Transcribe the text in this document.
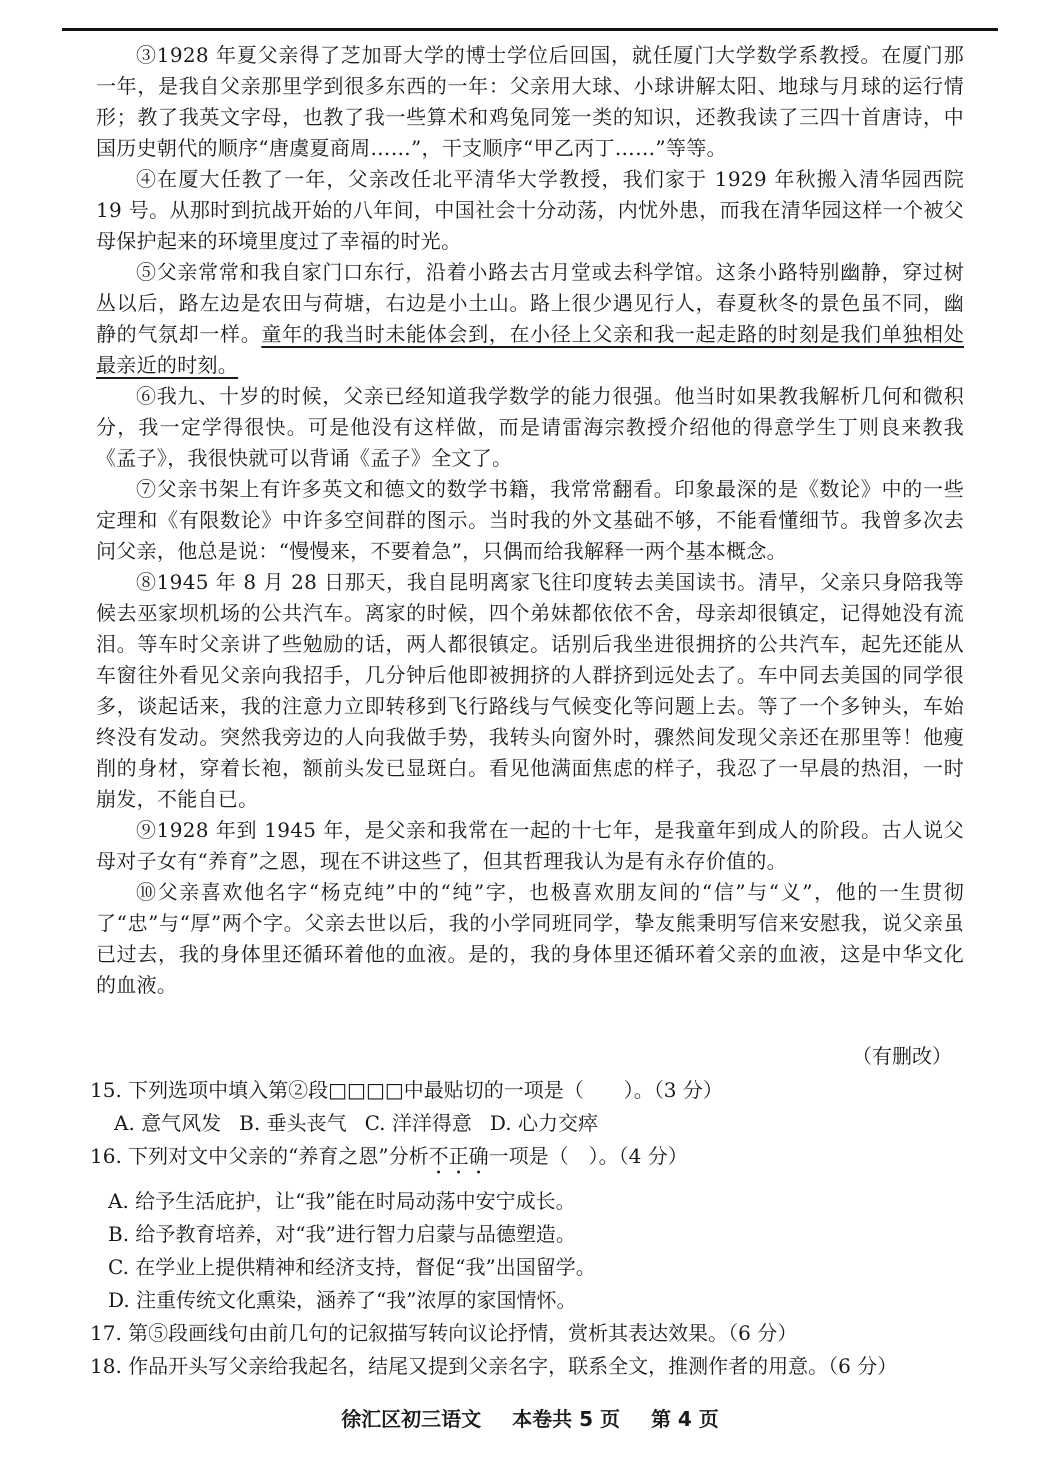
③1928 年夏父亲得了芝加哥大学的博士学位后回国，就任厦门大学数学系教授。在厦门那一年，是我自父亲那里学到很多东西的一年：父亲用大球、小球讲解太阳、地球与月球的运行情形；教了我英文字母，也教了我一些算术和鸡兔同笼一类的知识，还教我读了三四十首唐诗，中国历史朝代的顺序“唐虞夏商周……”，干支顺序“甲乙丙丁……”等等。

④在厦大任教了一年，父亲改任北平清华大学教授，我们家于 1929 年秋搬入清华园西院 19 号。从那时到抗战开始的八年间，中国社会十分动荡，内忧外患，而我在清华园这样一个被父母保护起来的环境里度过了幸福的时光。

⑤父亲常常和我自家门口东行，沿着小路去古月堂或去科学馆。这条小路特别幽静，穿过树丛以后，路左边是农田与荷塘，右边是小土山。路上很少遇见行人，春夏秋冬的景色虽不同，幽静的气氛却一样。童年的我当时未能体会到，在小径上父亲和我一起走路的时刻是我们单独相处最亲近的时刻。

⑥我九、十岁的时候，父亲已经知道我学数学的能力很强。他当时如果教我解析几何和微积分，我一定学得很快。可是他没有这样做，而是请雷海宗教授介绍他的得意学生丁则良来教我《孟子》，我很快就可以背诵《孟子》全文了。

⑦父亲书架上有许多英文和德文的数学书籍，我常常翻看。印象最深的是《数论》中的一些定理和《有限数论》中许多空间群的图示。当时我的外文基础不够，不能看懂细节。我曾多次去问父亲，他总是说：“慢慢来，不要着急”，只偶而给我解释一两个基本概念。

⑧1945 年 8 月 28 日那天，我自昆明离家飞往印度转去美国读书。清早，父亲只身陪我等候去巫家坝机场的公共汽车。离家的时候，四个弟妹都依依不舍，母亲却很镇定，记得她没有流泪。等车时父亲讲了些勉励的话，两人都很镇定。话别后我坐进很拥挤的公共汽车，起先还能从车窗往外看见父亲向我招手，几分钟后他即被拥挤的人群挤到远处去了。车中同去美国的同学很多，谈起话来，我的注意力立即转移到飞行路线与气候变化等问题上去。等了一个多钟头，车始终没有发动。突然我旁边的人向我做手势，我转头向窗外时，骤然间发现父亲还在那里等！他瘦削的身材，穿着长袍，额前头发已显斑白。看见他满面焦虑的样子，我忍了一早晨的热泪，一时崩发，不能自已。

⑨1928 年到 1945 年，是父亲和我常在一起的十七年，是我童年到成人的阶段。古人说父母对子女有“养育”之恩，现在不讲这些了，但其哲理我认为是有永存价值的。

⑩父亲喜欢他名字“杨克纯”中的“纯”字，也极喜欢朋友间的“信”与“义”，他的一生贯彻了“忠”与“厚”两个字。父亲去世以后，我的小学同班同学，挚友熊秉明写信来安慰我，说父亲虽已过去，我的身体里还循环着他的血液。是的，我的身体里还循环着父亲的血液，这是中华文化的血液。

（有删改）

15. 下列选项中填入第②段□□□□中最贴切的一项是（　　）。（3 分）

A. 意气风发 B. 垂头丧气 C. 洋洋得意 D. 心力交瘁

16. 下列对文中父亲的“养育之恩”分析不正确一项是（　）。（4 分）

A. 给予生活庇护，让“我”能在时局动荡中安宁成长。

B. 给予教育培养，对“我”进行智力启蒙与品德塑造。

C. 在学业上提供精神和经济支持，督促“我”出国留学。

D. 注重传统文化熏染，涵养了“我”浓厚的家国情怀。

17. 第⑤段画线句由前几句的记叙描写转向议论抒情，赏析其表达效果。（6 分）

18. 作品开头写父亲给我起名，结尾又提到父亲名字，联系全文，推测作者的用意。（6 分）

徐汇区初三语文 本卷共 5 页 第 4 页
